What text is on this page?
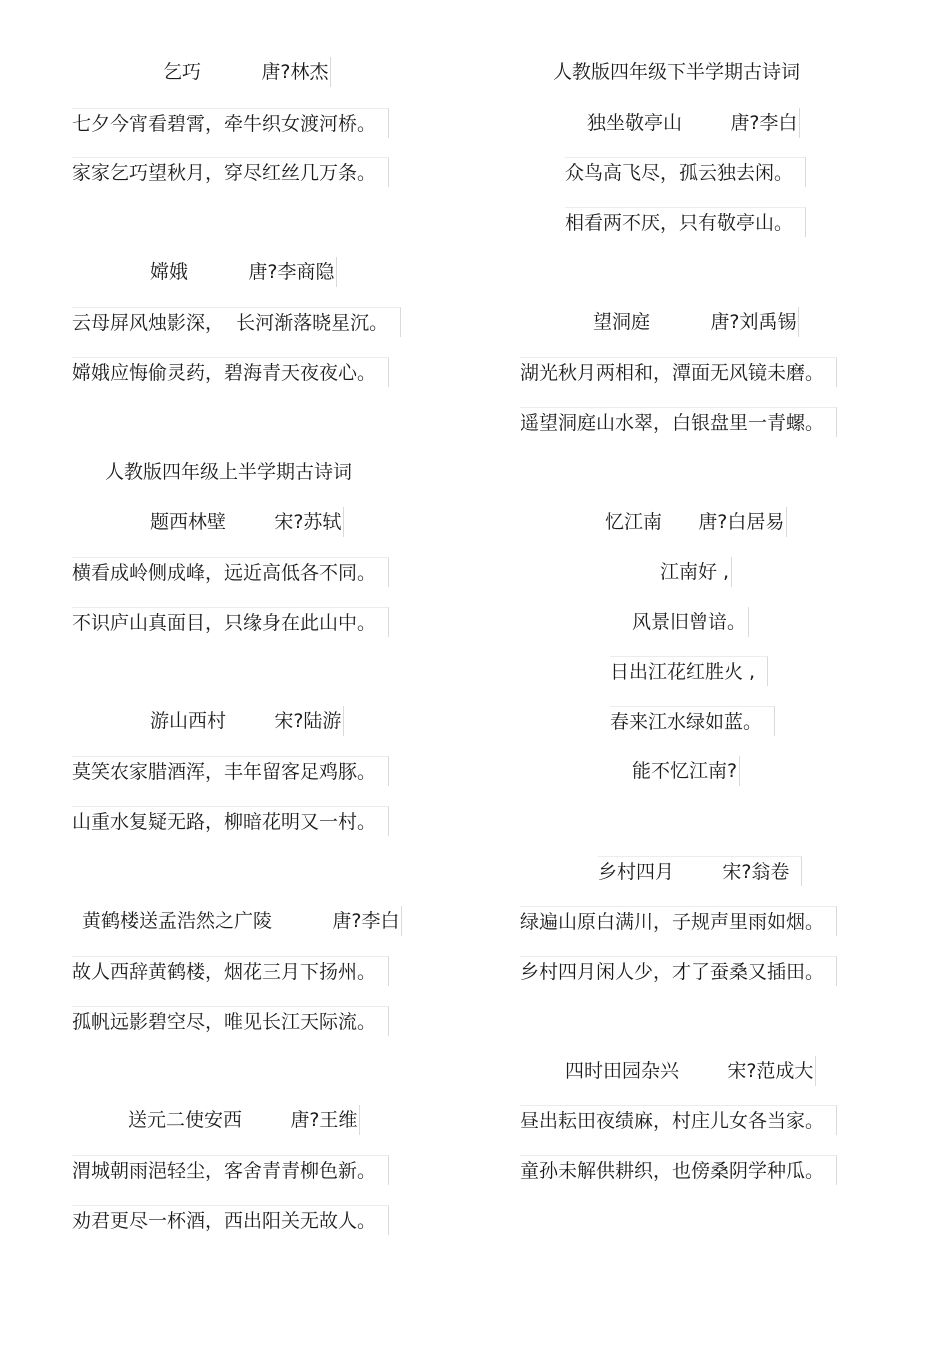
乞巧          唐?林杰
七夕今宵看碧霄，牵牛织女渡河桥。
家家乞巧望秋月，穿尽红丝几万条。
嫦娥          唐?李商隐
云母屏风烛影深，  长河渐落晓星沉。
嫦娥应悔偷灵药，碧海青天夜夜心。
人教版四年级上半学期古诗词
题西林壁        宋?苏轼
横看成岭侧成峰，远近高低各不同。
不识庐山真面目，只缘身在此山中。
游山西村        宋?陆游
莫笑农家腊酒浑，丰年留客足鸡豚。
山重水复疑无路，柳暗花明又一村。
黄鹤楼送孟浩然之广陵          唐?李白
故人西辞黄鹤楼，烟花三月下扬州。
孤帆远影碧空尽，唯见长江天际流。
送元二使安西        唐?王维
渭城朝雨浥轻尘，客舍青青柳色新。
劝君更尽一杯酒，西出阳关无故人。
人教版四年级下半学期古诗词
独坐敬亭山        唐?李白
众鸟高飞尽，孤云独去闲。
相看两不厌，只有敬亭山。
望洞庭          唐?刘禹锡
湖光秋月两相和，潭面无风镜未磨。
遥望洞庭山水翠，白银盘里一青螺。
忆江南      唐?白居易
江南好 ,
风景旧曾谙。
日出江花红胜火 ,
春来江水绿如蓝。
能不忆江南?
乡村四月        宋?翁卷
绿遍山原白满川，子规声里雨如烟。
乡村四月闲人少，才了蚕桑又插田。
四时田园杂兴        宋?范成大
昼出耘田夜绩麻，村庄儿女各当家。
童孙未解供耕织，也傍桑阴学种瓜。
